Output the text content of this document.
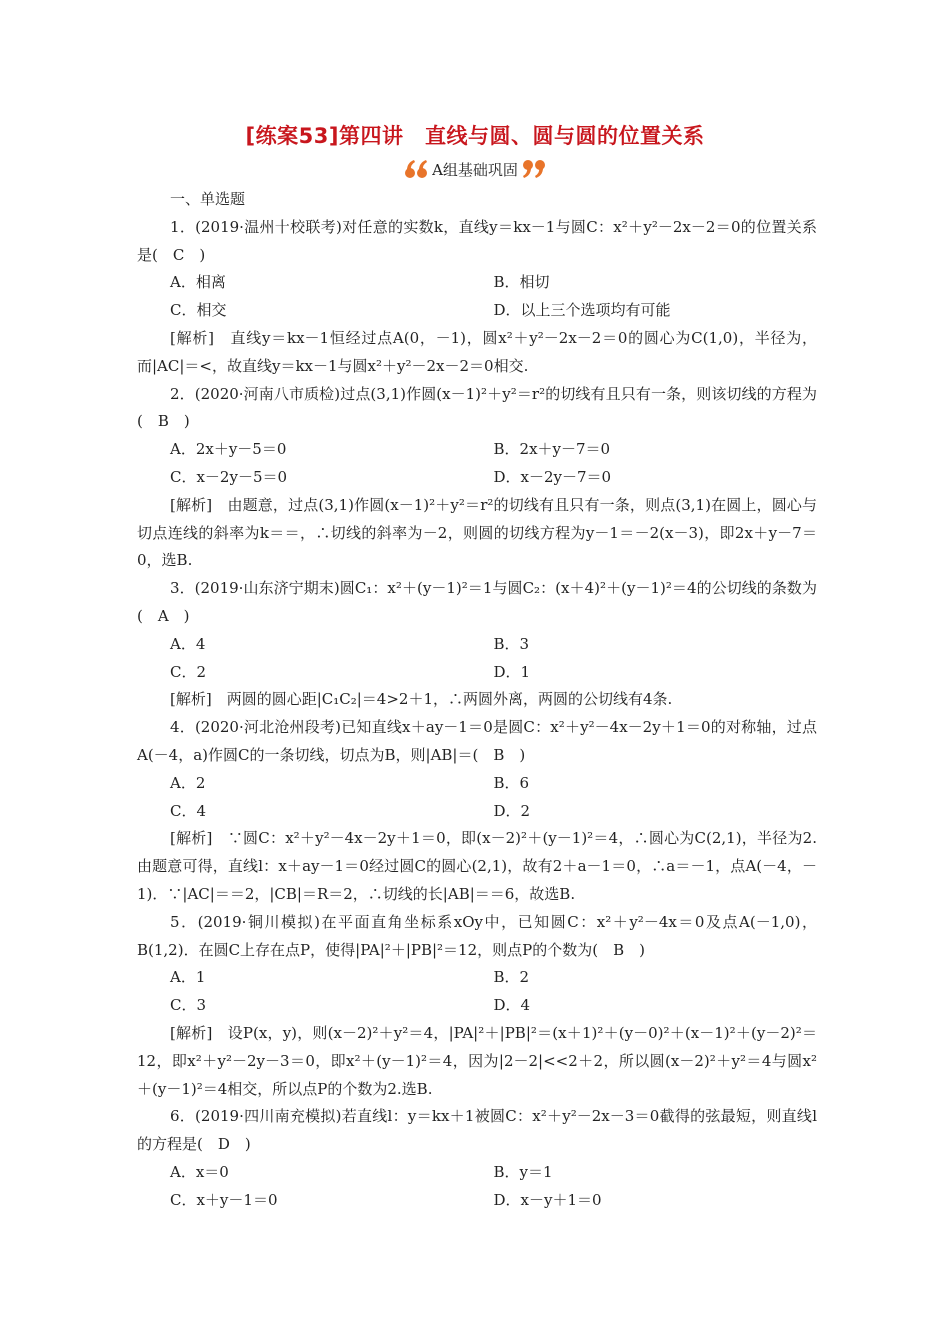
[练案53]第四讲　直线与圆、圆与圆的位置关系
A组基础巩固
一、单选题
1．(2019·温州十校联考)对任意的实数k，直线y＝kx－1与圆C：x²＋y²－2x－2＝0的位置关系是(　C　)
A．相离	B．相切
C．相交	D．以上三个选项均有可能
[解析]　直线y＝kx－1恒经过点A(0，－1)，圆x²＋y²－2x－2＝0的圆心为C(1,0)，半径为，而|AC|＝<，故直线y＝kx－1与圆x²＋y²－2x－2＝0相交.
2．(2020·河南八市质检)过点(3,1)作圆(x－1)²＋y²＝r²的切线有且只有一条，则该切线的方程为(　B　)
A．2x＋y－5＝0	B．2x＋y－7＝0
C．x－2y－5＝0	D．x－2y－7＝0
[解析]　由题意，过点(3,1)作圆(x－1)²＋y²＝r²的切线有且只有一条，则点(3,1)在圆上，圆心与切点连线的斜率为k＝＝，∴切线的斜率为－2，则圆的切线方程为y－1＝－2(x－3)，即2x＋y－7＝0，选B.
3．(2019·山东济宁期末)圆C₁：x²＋(y－1)²＝1与圆C₂：(x＋4)²＋(y－1)²＝4的公切线的条数为(　A　)
A．4	B．3
C．2	D．1
[解析]　两圆的圆心距|C₁C₂|＝4>2＋1，∴两圆外离，两圆的公切线有4条.
4．(2020·河北沧州段考)已知直线x＋ay－1＝0是圆C：x²＋y²－4x－2y＋1＝0的对称轴，过点A(－4，a)作圆C的一条切线，切点为B，则|AB|＝(　B　)
A．2	B．6
C．4	D．2
[解析]　∵圆C：x²＋y²－4x－2y＋1＝0，即(x－2)²＋(y－1)²＝4，∴圆心为C(2,1)，半径为2.由题意可得，直线l：x＋ay－1＝0经过圆C的圆心(2,1)，故有2＋a－1＝0，∴a＝－1，点A(－4，－1)．∵|AC|＝＝2，|CB|＝R＝2，∴切线的长|AB|＝＝6，故选B.
5．(2019·铜川模拟)在平面直角坐标系xOy中，已知圆C：x²＋y²－4x＝0及点A(－1,0)，B(1,2)．在圆C上存在点P，使得|PA|²＋|PB|²＝12，则点P的个数为(　B　)
A．1	B．2
C．3	D．4
[解析]　设P(x，y)，则(x－2)²＋y²＝4，|PA|²＋|PB|²＝(x＋1)²＋(y－0)²＋(x－1)²＋(y－2)²＝12，即x²＋y²－2y－3＝0，即x²＋(y－1)²＝4，因为|2－2|<<2＋2，所以圆(x－2)²＋y²＝4与圆x²＋(y－1)²＝4相交，所以点P的个数为2.选B.
6．(2019·四川南充模拟)若直线l：y＝kx＋1被圆C：x²＋y²－2x－3＝0截得的弦最短，则直线l的方程是(　D　)
A．x＝0	B．y＝1
C．x＋y－1＝0	D．x－y＋1＝0
